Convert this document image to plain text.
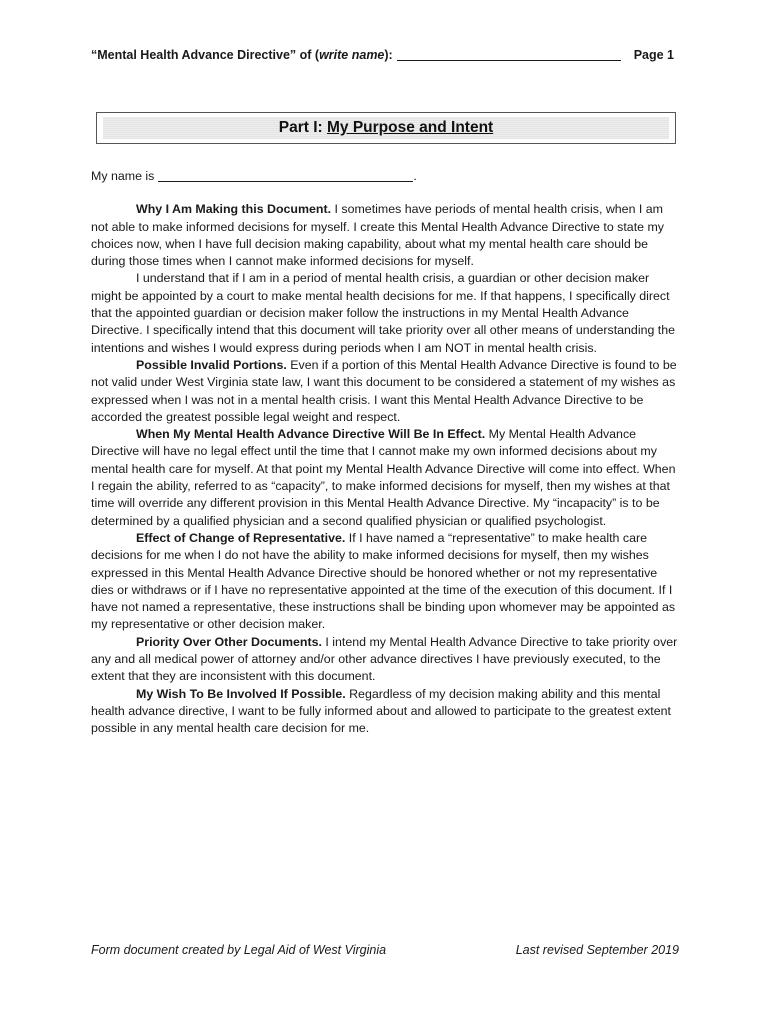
“Mental Health Advance Directive” of (write name):	Page 1
Part I: My Purpose and Intent

My name is	.

Why I Am Making this Document. I sometimes have periods of mental health crisis, when I am not able to make informed decisions for myself. I create this Mental Health Advance Directive to state my choices now, when I have full decision making capability, about what my mental health care should be during those times when I cannot make informed decisions for myself.

I understand that if I am in a period of mental health crisis, a guardian or other decision maker might be appointed by a court to make mental health decisions for me. If that happens, I specifically direct that the appointed guardian or decision maker follow the instructions in my Mental Health Advance Directive. I specifically intend that this document will take priority over all other means of understanding the intentions and wishes I would express during periods when I am NOT in mental health crisis.

Possible Invalid Portions. Even if a portion of this Mental Health Advance Directive is found to be not valid under West Virginia state law, I want this document to be considered a statement of my wishes as expressed when I was not in a mental health crisis. I want this Mental Health Advance Directive to be accorded the greatest possible legal weight and respect.

When My Mental Health Advance Directive Will Be In Effect. My Mental Health Advance Directive will have no legal effect until the time that I cannot make my own informed decisions about my mental health care for myself. At that point my Mental Health Advance Directive will come into effect. When I regain the ability, referred to as “capacity”, to make informed decisions for myself, then my wishes at that time will override any different provision in this Mental Health Advance Directive. My “incapacity” is to be determined by a qualified physician and a second qualified physician or qualified psychologist.

Effect of Change of Representative. If I have named a “representative” to make health care decisions for me when I do not have the ability to make informed decisions for myself, then my wishes expressed in this Mental Health Advance Directive should be honored whether or not my representative dies or withdraws or if I have no representative appointed at the time of the execution of this document. If I have not named a representative, these instructions shall be binding upon whomever may be appointed as my representative or other decision maker.

Priority Over Other Documents. I intend my Mental Health Advance Directive to take priority over any and all medical power of attorney and/or other advance directives I have previously executed, to the extent that they are inconsistent with this document.

My Wish To Be Involved If Possible. Regardless of my decision making ability and this mental health advance directive, I want to be fully informed about and allowed to participate to the greatest extent possible in any mental health care decision for me.

Form document created by Legal Aid of West Virginia	Last revised September 2019
